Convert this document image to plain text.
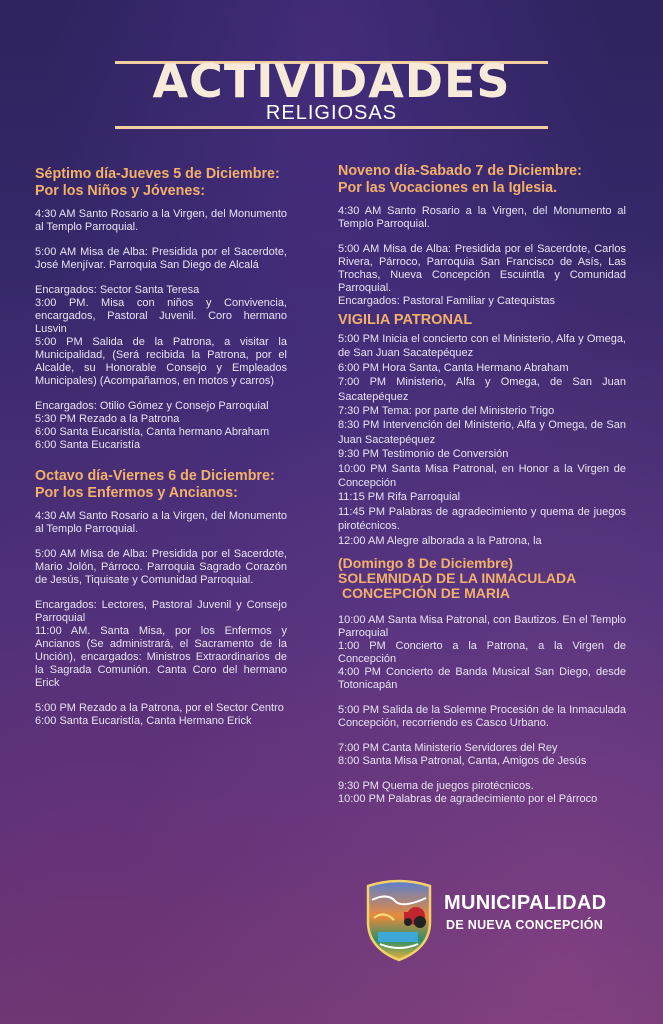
ACTIVIDADES
RELIGIOSAS
Séptimo día-Jueves 5 de Diciembre:
Por los Niños y Jóvenes:

4:30 AM Santo Rosario a la Virgen, del Monumento al Templo Parroquial.

5:00 AM Misa de Alba: Presidida por el Sacerdote, José Menjívar. Parroquia San Diego de Alcalá

Encargados: Sector Santa Teresa

3:00 PM. Misa con niños y Convivencia, encargados, Pastoral Juvenil. Coro hermano Lusvin

5:00 PM Salida de la Patrona, a visitar la Municipalidad, (Será recibida la Patrona, por el Alcalde, su Honorable Consejo y Empleados Municipales) (Acompañamos, en motos y carros)

Encargados: Otilio Gómez y Consejo Parroquial

5:30 PM Rezado a la Patrona

6:00 Santa Eucaristía, Canta hermano Abraham

6:00 Santa Eucaristía

Octavo día-Viernes 6 de Diciembre:
Por los Enfermos y Ancianos:

4:30 AM Santo Rosario a la Virgen, del Monumento al Templo Parroquial.

5:00 AM Misa de Alba: Presidida por el Sacerdote, Mario Jolón, Párroco. Parroquia Sagrado Corazón de Jesús, Tiquisate y Comunidad Parroquial.

Encargados: Lectores, Pastoral Juvenil y Consejo Parroquial

11:00 AM. Santa Misa, por los Enfermos y Ancianos (Se administrará, el Sacramento de la Unción), encargados: Ministros Extraordinarios de la Sagrada Comunión. Canta Coro del hermano Erick

5:00 PM Rezado a la Patrona, por el Sector Centro

6:00 Santa Eucaristía, Canta Hermano Erick

Noveno día-Sabado 7 de Diciembre:
Por las Vocaciones en la Iglesia.

4:30 AM Santo Rosario a la Virgen, del Monumento al Templo Parroquial.

5:00 AM Misa de Alba: Presidida por el Sacerdote, Carlos Rivera, Párroco, Parroquia San Francisco de Asís, Las Trochas, Nueva Concepción Escuintla y Comunidad Parroquial.

Encargados: Pastoral Familiar y Catequistas

VIGILIA PATRONAL

5:00 PM Inicia el concierto con el Ministerio, Alfa y Omega, de San Juan Sacatepéquez

6:00 PM Hora Santa, Canta Hermano Abraham

7:00 PM Ministerio, Alfa y Omega, de San Juan Sacatepéquez

7:30 PM Tema: por parte del Ministerio Trigo

8:30 PM Intervención del Ministerio, Alfa y Omega, de San Juan Sacatepéquez

9:30 PM Testimonio de Conversión

10:00 PM Santa Misa Patronal, en Honor a la Virgen de Concepción

11:15 PM Rifa Parroquial

11:45 PM Palabras de agradecimiento y quema de juegos pirotécnicos.

12:00 AM Alegre alborada a la Patrona, la

(Domingo 8 De Diciembre)
SOLEMNIDAD DE LA INMACULADA
CONCEPCIÓN DE MARIA

10:00 AM Santa Misa Patronal, con Bautizos. En el Templo Parroquial

1:00 PM Concierto a la Patrona, a la Virgen de Concepción

4:00 PM Concierto de Banda Musical San Diego, desde Totonicapán

5:00 PM Salida de la Solemne Procesión de la Inmaculada Concepción, recorriendo es Casco Urbano.

7:00 PM Canta Ministerio Servidores del Rey

8:00 Santa Misa Patronal, Canta, Amigos de Jesús

9:30 PM Quema de juegos pirotécnicos.

10:00 PM Palabras de agradecimiento por el Párroco

MUNICIPALIDAD
DE NUEVA CONCEPCIÓN
